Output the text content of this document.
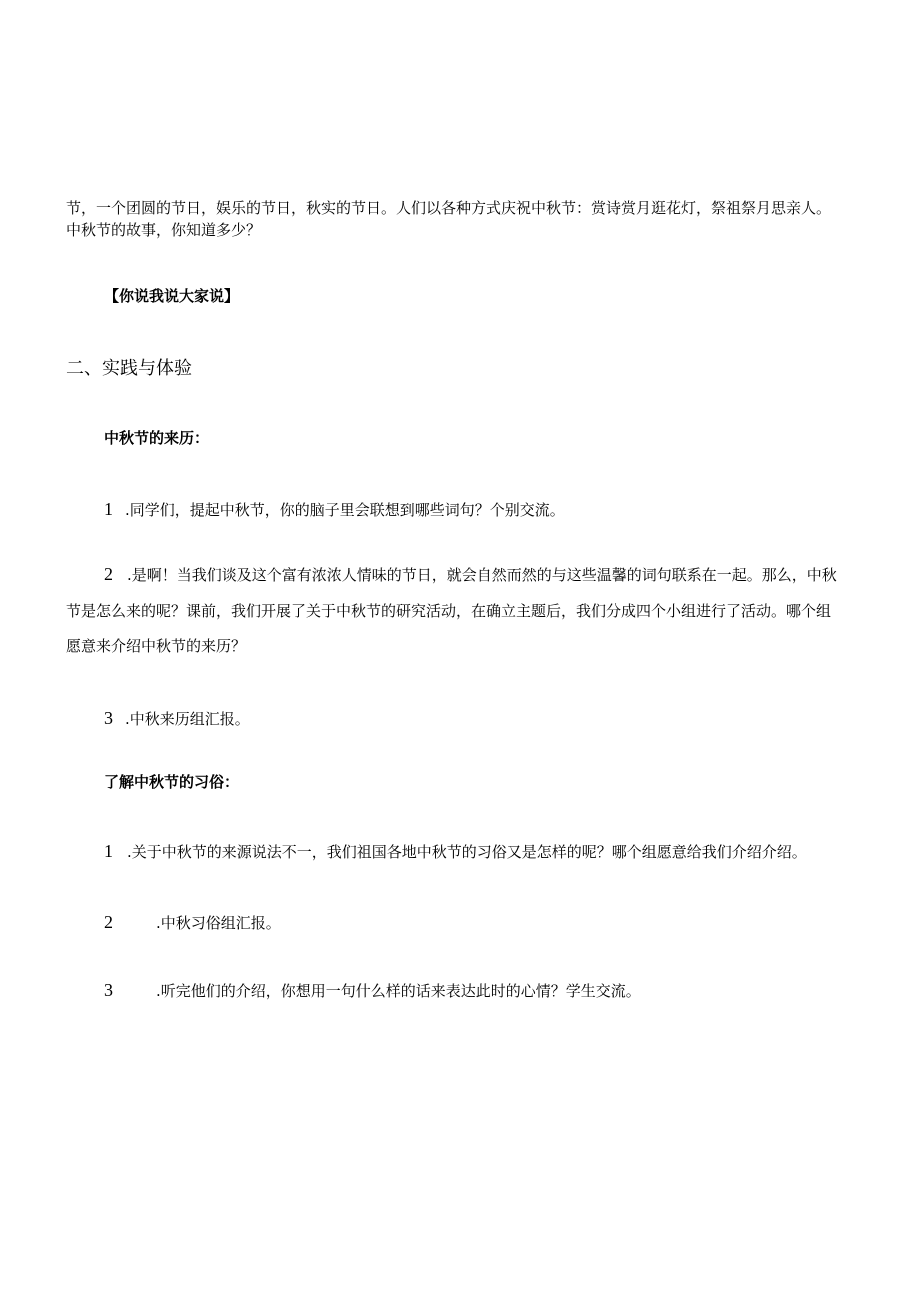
节，一个团圆的节日，娱乐的节日，秋实的节日。人们以各种方式庆祝中秋节：赏诗赏月逛花灯，祭祖祭月思亲人。
中秋节的故事，你知道多少？
【你说我说大家说】
二、实践与体验
中秋节的来历：
1 .同学们，提起中秋节，你的脑子里会联想到哪些词句？个别交流。
2 .是啊！当我们谈及这个富有浓浓人情味的节日，就会自然而然的与这些温馨的词句联系在一起。那么，中秋
节是怎么来的呢？课前，我们开展了关于中秋节的研究活动，在确立主题后，我们分成四个小组进行了活动。哪个组
愿意来介绍中秋节的来历？
3 .中秋来历组汇报。
了解中秋节的习俗：
1 .关于中秋节的来源说法不一，我们祖国各地中秋节的习俗又是怎样的呢？哪个组愿意给我们介绍介绍。
2	.中秋习俗组汇报。
3	.听完他们的介绍，你想用一句什么样的话来表达此时的心情？学生交流。
